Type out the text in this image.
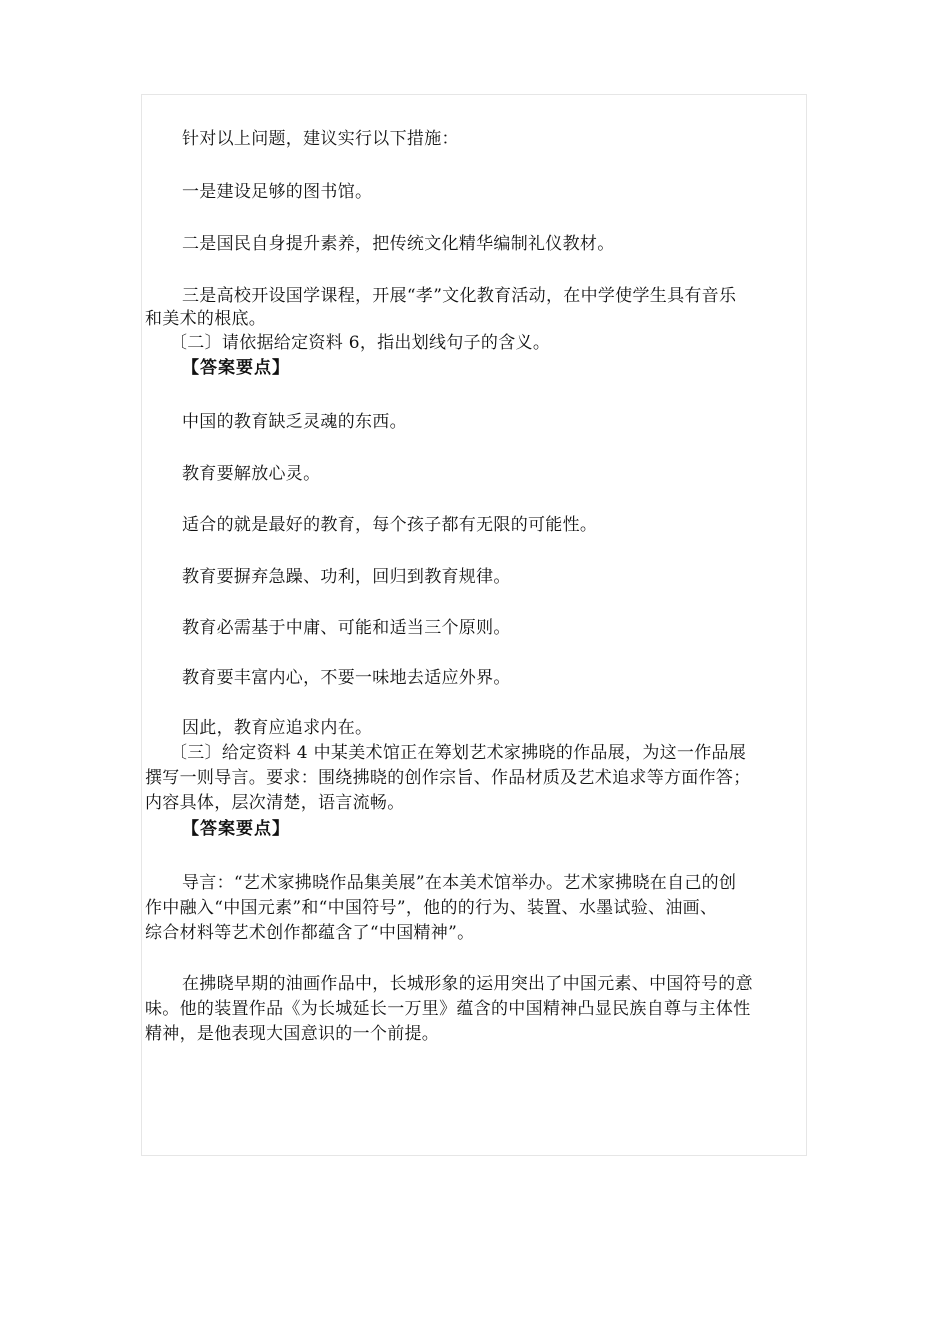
针对以上问题，建议实行以下措施：
一是建设足够的图书馆。
二是国民自身提升素养，把传统文化精华编制礼仪教材。
三是高校开设国学课程，开展“孝”文化教育活动，在中学使学生具有音乐
和美术的根底。
〔二〕请依据给定资料 6，指出划线句子的含义。
【答案要点】
中国的教育缺乏灵魂的东西。
教育要解放心灵。
适合的就是最好的教育，每个孩子都有无限的可能性。
教育要摒弃急躁、功利，回归到教育规律。
教育必需基于中庸、可能和适当三个原则。
教育要丰富内心，不要一味地去适应外界。
因此，教育应追求内在。
〔三〕给定资料 4 中某美术馆正在筹划艺术家拂晓的作品展，为这一作品展
撰写一则导言。要求：围绕拂晓的创作宗旨、作品材质及艺术追求等方面作答；
内容具体，层次清楚，语言流畅。
【答案要点】
导言：“艺术家拂晓作品集美展”在本美术馆举办。艺术家拂晓在自己的创
作中融入“中国元素”和“中国符号”，他的的行为、装置、水墨试验、油画、
综合材料等艺术创作都蕴含了“中国精神”。
在拂晓早期的油画作品中，长城形象的运用突出了中国元素、中国符号的意
味。他的装置作品《为长城延长一万里》蕴含的中国精神凸显民族自尊与主体性
精神，是他表现大国意识的一个前提。
